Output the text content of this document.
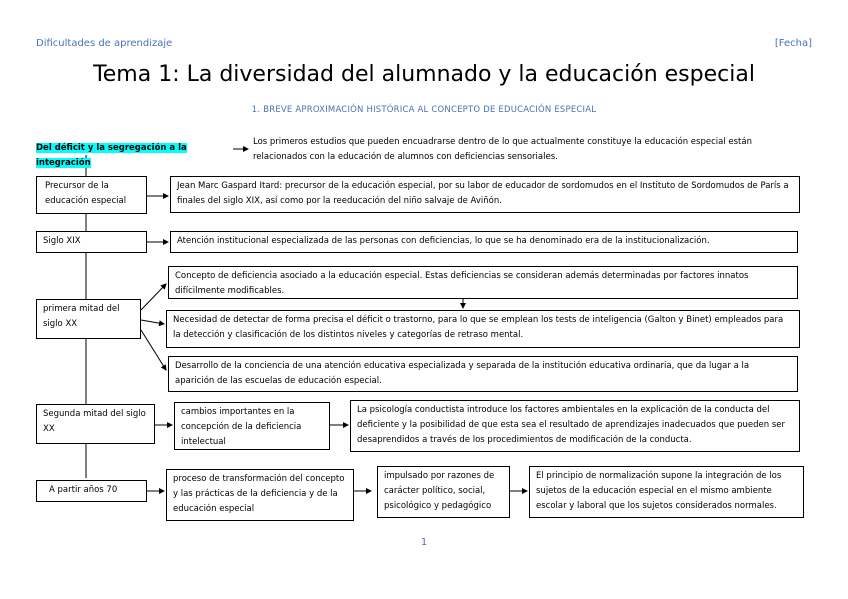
Dificultades de aprendizaje	[Fecha]
Tema 1: La diversidad del alumnado y la educación especial
1. BREVE APROXIMACIÓN HISTÓRICA AL CONCEPTO DE EDUCACIÓN ESPECIAL
Del déficit y la segregación a la integración
Los primeros estudios que pueden encuadrarse dentro de lo que actualmente constituye la educación especial están relacionados con la educación de alumnos con deficiencias sensoriales.
Precursor de la educación especial
Jean Marc Gaspard Itard: precursor de la educación especial, por su labor de educador de sordomudos en el Instituto de Sordomudos de París a finales del siglo XIX, así como por la reeducación del niño salvaje de Aviñón.
Siglo XIX	Atención institucional especializada de las personas con deficiencias, lo que se ha denominado era de la institucionalización.
primera mitad del siglo XX
Concepto de deficiencia asociado a la educación especial. Estas deficiencias se consideran además determinadas por factores innatos difícilmente modificables.
Necesidad de detectar de forma precisa el déficit o trastorno, para lo que se emplean los tests de inteligencia (Galton y Binet) empleados para la detección y clasificación de los distintos niveles y categorías de retraso mental.
Desarrollo de la conciencia de una atención educativa especializada y separada de la institución educativa ordinaria, que da lugar a la aparición de las escuelas de educación especial.
Segunda mitad del siglo XX
cambios importantes en la concepción de la deficiencia intelectual
La psicología conductista introduce los factores ambientales en la explicación de la conducta del deficiente y la posibilidad de que esta sea el resultado de aprendizajes inadecuados que pueden ser desaprendidos a través de los procedimientos de modificación de la conducta.
A partir años 70
proceso de transformación del concepto y las prácticas de la deficiencia y de la educación especial
impulsado por razones de carácter político, social, psicológico y pedagógico
El principio de normalización supone la integración de los sujetos de la educación especial en el mismo ambiente escolar y laboral que los sujetos considerados normales.
1
